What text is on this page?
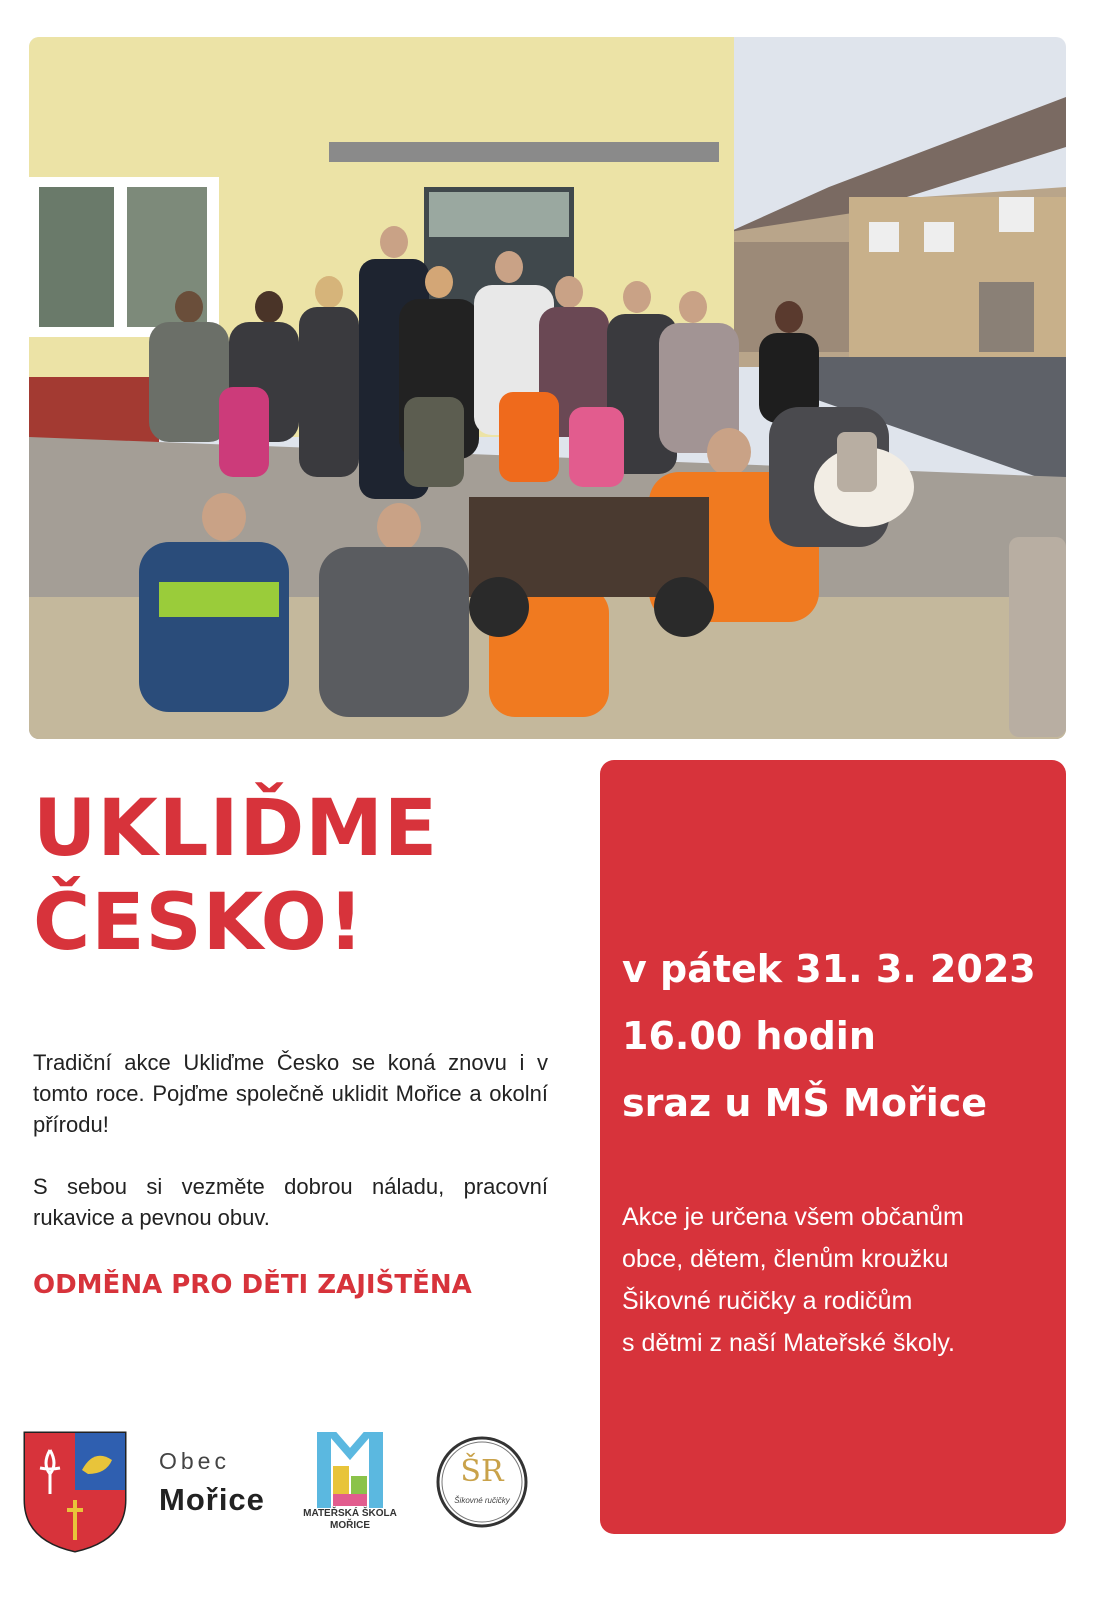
UKLIĎME
ČESKO!

Tradiční akce Ukliďme Česko se koná znovu i v tomto roce. Pojďme společně uklidit Mořice a okolní přírodu!

S sebou si vezměte dobrou náladu, pracovní rukavice a pevnou obuv.

ODMĚNA PRO DĚTI ZAJIŠTĚNA
v pátek 31. 3. 2023
16.00 hodin
sraz u MŠ Mořice
Akce je určena všem občanům
obce, dětem, členům kroužku
Šikovné ručičky a rodičům
s dětmi z naší Mateřské školy.
Obec
Mořice	MATEŘSKÁ ŠKOLA
MOŘICE
ŠR
Šikovné ručičky
